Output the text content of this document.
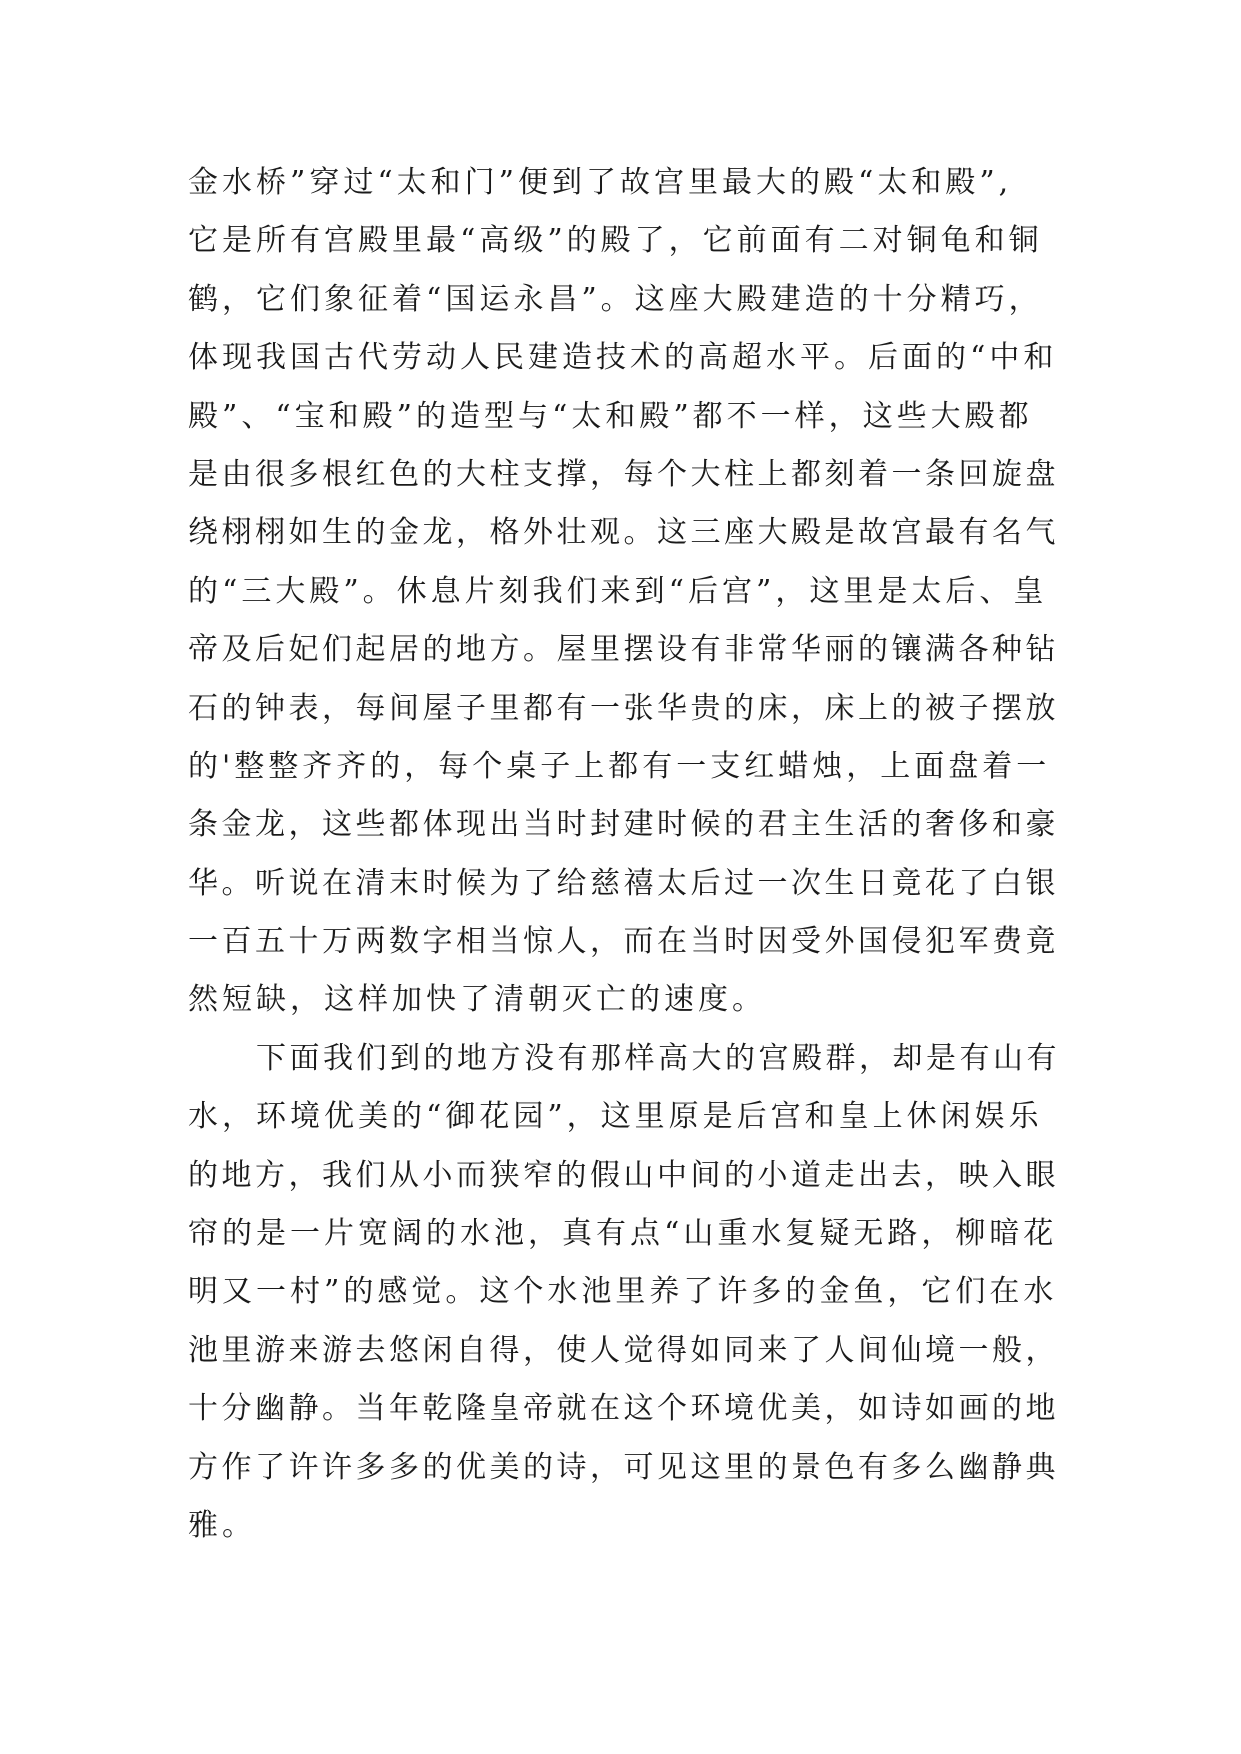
金水桥”穿过“太和门”便到了故宫里最大的殿“太和殿”,
它是所有宫殿里最“高级”的殿了，它前面有二对铜龟和铜
鹤，它们象征着“国运永昌”。这座大殿建造的十分精巧，
体现我国古代劳动人民建造技术的高超水平。后面的“中和
殿”、“宝和殿”的造型与“太和殿”都不一样，这些大殿都
是由很多根红色的大柱支撑，每个大柱上都刻着一条回旋盘
绕栩栩如生的金龙，格外壮观。这三座大殿是故宫最有名气
的“三大殿”。休息片刻我们来到“后宫”，这里是太后、皇
帝及后妃们起居的地方。屋里摆设有非常华丽的镶满各种钻
石的钟表，每间屋子里都有一张华贵的床，床上的被子摆放
的'整整齐齐的，每个桌子上都有一支红蜡烛，上面盘着一
条金龙，这些都体现出当时封建时候的君主生活的奢侈和豪
华。听说在清末时候为了给慈禧太后过一次生日竟花了白银
一百五十万两数字相当惊人，而在当时因受外国侵犯军费竟
然短缺，这样加快了清朝灭亡的速度。
下面我们到的地方没有那样高大的宫殿群，却是有山有
水，环境优美的“御花园”，这里原是后宫和皇上休闲娱乐
的地方，我们从小而狭窄的假山中间的小道走出去，映入眼
帘的是一片宽阔的水池，真有点“山重水复疑无路，柳暗花
明又一村”的感觉。这个水池里养了许多的金鱼，它们在水
池里游来游去悠闲自得，使人觉得如同来了人间仙境一般，
十分幽静。当年乾隆皇帝就在这个环境优美，如诗如画的地
方作了许许多多的优美的诗，可见这里的景色有多么幽静典
雅。
